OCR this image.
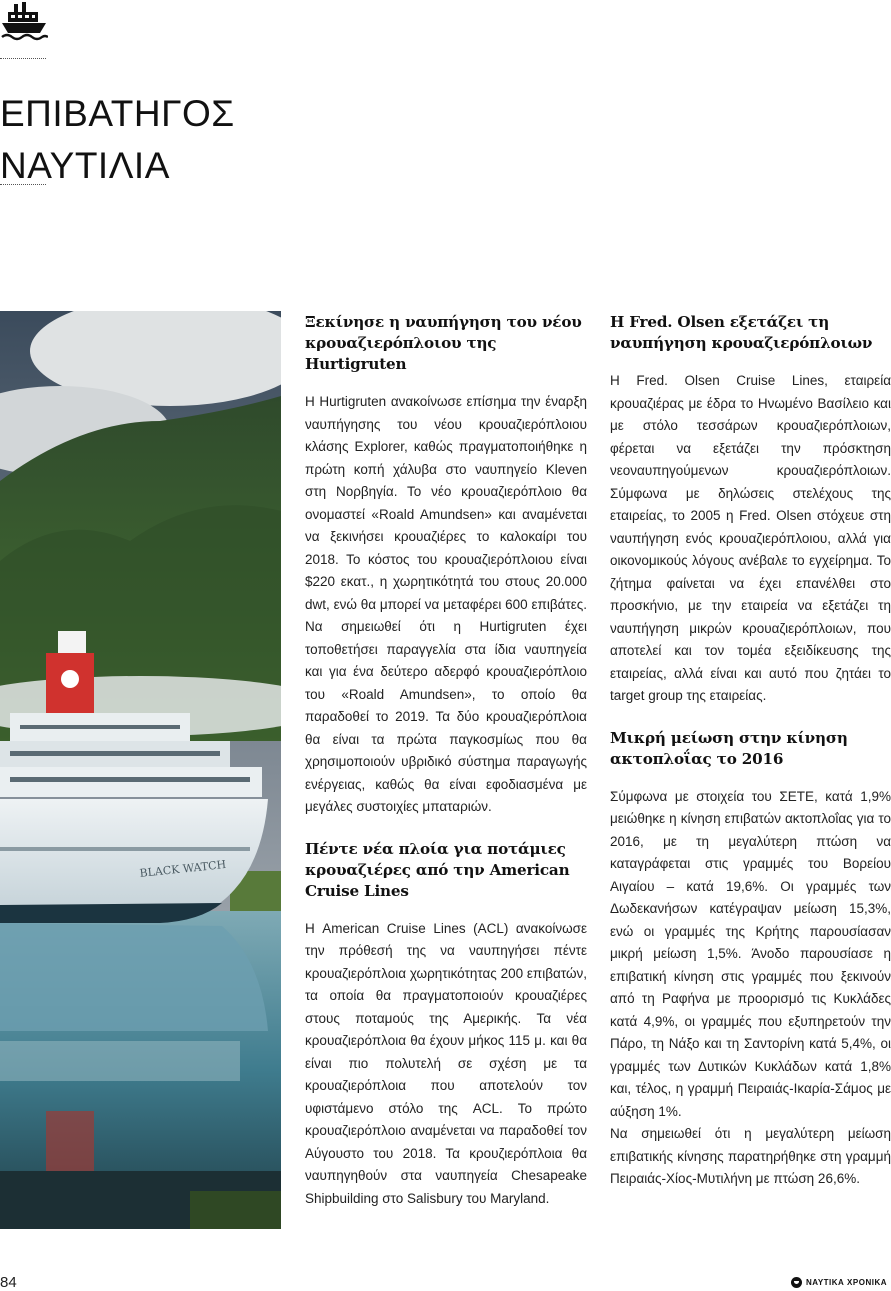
ΕΠΙΒΑΤΗΓΟΣ
ΝΑΥΤΙΛΙΑ
BLACK WATCH
Ξεκίνησε η ναυπήγηση του νέου κρουαζιερόπλοιου της Hurtigruten

Η Hurtigruten ανακοίνωσε επίσημα την έναρξη ναυπήγησης του νέου κρουαζιερόπλοιου κλάσης Explorer, καθώς πραγματοποιήθηκε η πρώτη κοπή χάλυβα στο ναυπηγείο Kleven στη Νορβηγία. Το νέο κρουαζιερόπλοιο θα ονομαστεί «Roald Amundsen» και αναμένεται να ξεκινήσει κρουαζιέρες το καλοκαίρι του 2018. Το κόστος του κρουαζιερόπλοιου είναι $220 εκατ., η χωρητικότητά του στους 20.000 dwt, ενώ θα μπορεί να μεταφέρει 600 επιβάτες. Να σημειωθεί ότι η Hurtigruten έχει τοποθετήσει παραγγελία στα ίδια ναυπηγεία και για ένα δεύτερο αδερφό κρουαζιερόπλοιο του «Roald Amundsen», το οποίο θα παραδοθεί το 2019. Τα δύο κρουαζιερόπλοια θα είναι τα πρώτα παγκοσμίως που θα χρησιμοποιούν υβριδικό σύστημα παραγωγής ενέργειας, καθώς θα είναι εφοδιασμένα με μεγάλες συστοιχίες μπαταριών.

Πέντε νέα πλοία για ποτάμιες κρουαζιέρες από την American Cruise Lines

Η American Cruise Lines (ACL) ανακοίνωσε την πρόθεσή της να ναυπηγήσει πέντε κρουαζιερόπλοια χωρητικότητας 200 επιβατών, τα οποία θα πραγματοποιούν κρουαζιέρες στους ποταμούς της Αμερικής. Τα νέα κρουαζιερόπλοια θα έχουν μήκος 115 μ. και θα είναι πιο πολυτελή σε σχέση με τα κρουαζιερόπλοια που αποτελούν τον υφιστάμενο στόλο της ACL. Το πρώτο κρουαζιερόπλοιο αναμένεται να παραδοθεί τον Αύγουστο του 2018. Τα κρουζιερόπλοια θα ναυπηγηθούν στα ναυπηγεία Chesapeake Shipbuilding στο Salisbury του Maryland.

Η Fred. Olsen εξετάζει τη ναυπήγηση κρουαζιερόπλοιων

Η Fred. Olsen Cruise Lines, εταιρεία κρουαζιέρας με έδρα το Ηνωμένο Βασίλειο και με στόλο τεσσάρων κρουαζιερόπλοιων, φέρεται να εξετάζει την πρόσκτηση νεοναυπηγούμενων κρουαζιερόπλοιων. Σύμφωνα με δηλώσεις στελέχους της εταιρείας, το 2005 η Fred. Olsen στόχευε στη ναυπήγηση ενός κρουαζιερόπλοιου, αλλά για οικονομικούς λόγους ανέβαλε το εγχείρημα. Το ζήτημα φαίνεται να έχει επανέλθει στο προσκήνιο, με την εταιρεία να εξετάζει τη ναυπήγηση μικρών κρουαζιερόπλοιων, που αποτελεί και τον τομέα εξειδίκευσης της εταιρείας, αλλά είναι και αυτό που ζητάει το target group της εταιρείας.

Μικρή μείωση στην κίνηση ακτοπλοΐας το 2016

Σύμφωνα με στοιχεία του ΣΕΤΕ, κατά 1,9% μειώθηκε η κίνηση επιβατών ακτοπλοΐας για το 2016, με τη μεγαλύτερη πτώση να καταγράφεται στις γραμμές του Βορείου Αιγαίου – κατά 19,6%. Οι γραμμές των Δωδεκανήσων κατέγραψαν μείωση 15,3%, ενώ οι γραμμές της Κρήτης παρουσίασαν μικρή μείωση 1,5%. Άνοδο παρουσίασε η επιβατική κίνηση στις γραμμές που ξεκινούν από τη Ραφήνα με προορισμό τις Κυκλάδες κατά 4,9%, οι γραμμές που εξυπηρετούν την Πάρο, τη Νάξο και τη Σαντορίνη κατά 5,4%, οι γραμμές των Δυτικών Κυκλάδων κατά 1,8% και, τέλος, η γραμμή Πειραιάς-Ικαρία-Σάμος με αύξηση 1%.

Να σημειωθεί ότι η μεγαλύτερη μείωση επιβατικής κίνησης παρατηρήθηκε στη γραμμή Πειραιάς-Χίος-Μυτιλήνη με πτώση 26,6%.

84	ΝΑΥΤΙΚΑ ΧΡΟΝΙΚΑ
